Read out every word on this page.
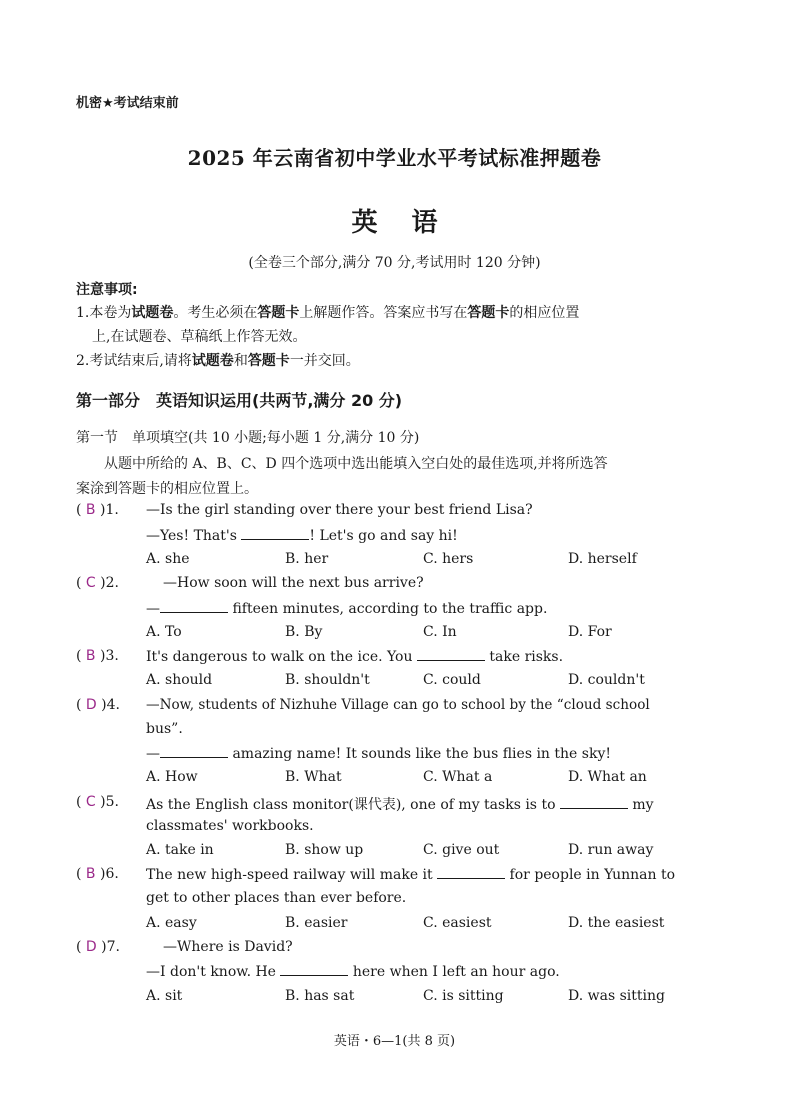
机密★考试结束前
2025 年云南省初中学业水平考试标准押题卷
英 语
(全卷三个部分,满分 70 分,考试用时 120 分钟)
注意事项:
1.本卷为试题卷。考生必须在答题卡上解题作答。答案应书写在答题卡的相应位置
上,在试题卷、草稿纸上作答无效。
2.考试结束后,请将试题卷和答题卡一并交回。
第一部分　英语知识运用(共两节,满分 20 分)
第一节　单项填空(共 10 小题;每小题 1 分,满分 10 分)
从题中所给的 A、B、C、D 四个选项中选出能填入空白处的最佳选项,并将所选答
案涂到答题卡的相应位置上。
( B )1. —Is the girl standing over there your best friend Lisa?
—Yes! That's	! Let's go and say hi!
A. she	B. her	C. hers	D. herself
( C )2.	—How soon will the next bus arrive?
—	fifteen minutes, according to the traffic app.
A. To	B. By	C. In	D. For
( B )3. It's dangerous to walk on the ice. You	take risks.
A. should	B. shouldn't	C. could	D. couldn't
( D )4. —Now, students of Nizhuhe Village can go to school by the “cloud school
bus”.
—	amazing name! It sounds like the bus flies in the sky!
A. How	B. What	C. What a	D. What an
( C )5. As the English class monitor(课代表), one of my tasks is to	my
classmates' workbooks.
A. take in	B. show up	C. give out	D. run away
( B )6. The new high-speed railway will make it	for people in Yunnan to
get to other places than ever before.
A. easy	B. easier	C. easiest	D. the easiest
( D )7.	—Where is David?
—I don't know. He	here when I left an hour ago.
A. sit	B. has sat	C. is sitting	D. was sitting
英语・6—1(共 8 页)
